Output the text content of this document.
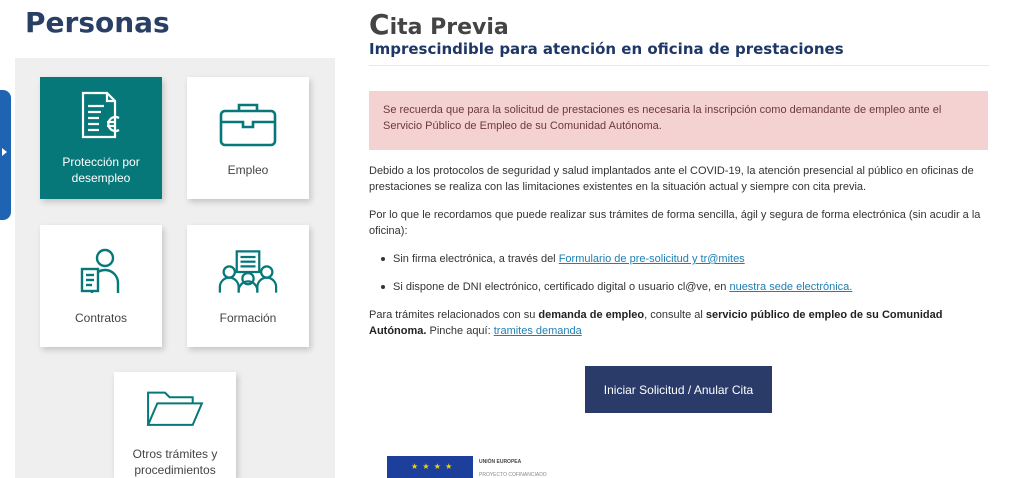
Personas
Protección por desempleo
Empleo
Contratos	Formación
Otros trámites y procedimientos
Cita Previa
Imprescindible para atención en oficina de prestaciones
Se recuerda que para la solicitud de prestaciones es necesaria la inscripción como demandante de empleo ante el Servicio Público de Empleo de su Comunidad Autónoma.
Debido a los protocolos de seguridad y salud implantados ante el COVID-19, la atención presencial al público en oficinas de prestaciones se realiza con las limitaciones existentes en la situación actual y siempre con cita previa.
Por lo que le recordamos que puede realizar sus trámites de forma sencilla, ágil y segura de forma electrónica (sin acudir a la oficina):
Sin firma electrónica, a través del Formulario de pre-solicitud y tr@mites
Si dispone de DNI electrónico, certificado digital o usuario cl@ve, en nuestra sede electrónica.
Para trámites relacionados con su demanda de empleo, consulte al servicio público de empleo de su Comunidad Autónoma. Pinche aquí: tramites demanda
Iniciar Solicitud / Anular Cita
★ ★ ★ ★	UNIÓN EUROPEA
PROYECTO COFINANCIADO
